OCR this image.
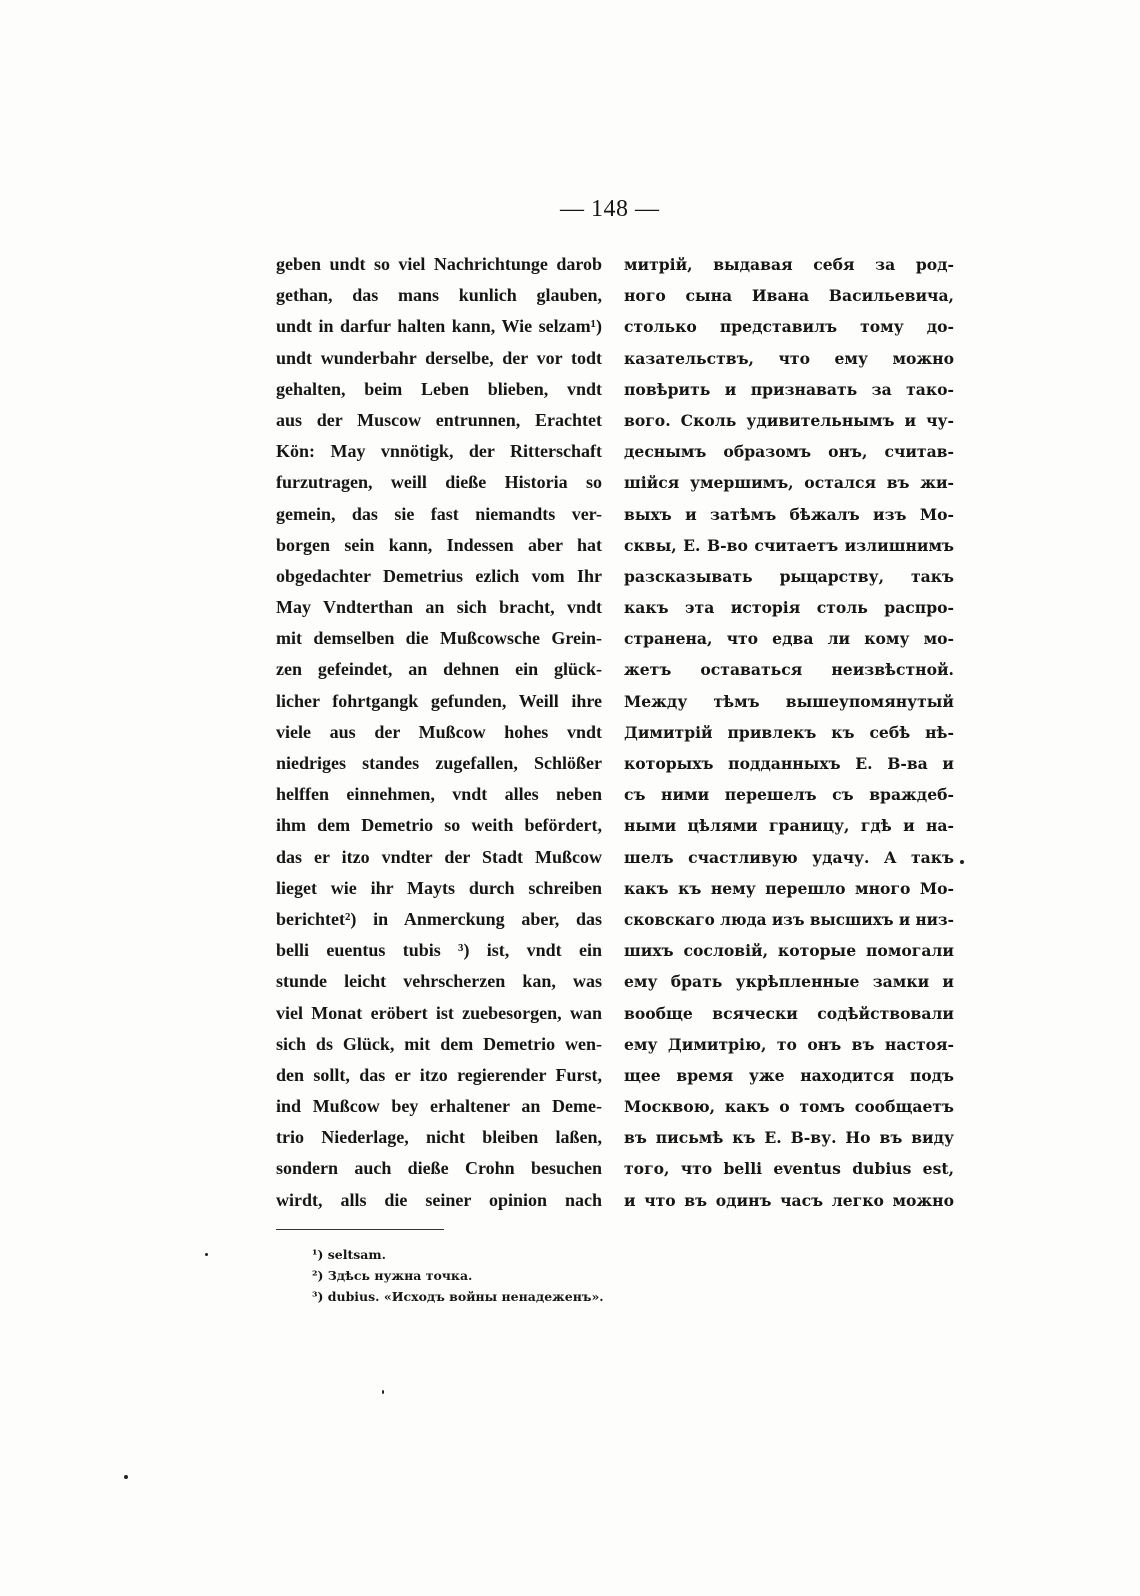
— 148 —
geben undt so viel Nachrichtunge darob
gethan, das mans kunlich glauben,
undt in darfur halten kann, Wie selzam¹)
undt wunderbahr derselbe, der vor todt
gehalten, beim Leben blieben, vndt
aus der Muscow entrunnen, Erachtet
Kön: May vnnötigk, der Ritterschaft
furzutragen, weill dieße Historia so
gemein, das sie fast niemandts ver-
borgen sein kann, Indessen aber hat
obgedachter Demetrius ezlich vom Ihr
May Vndterthan an sich bracht, vndt
mit demselben die Mußcowsche Grein-
zen gefeindet, an dehnen ein glück-
licher fohrtgangk gefunden, Weill ihre
viele aus der Mußcow hohes vndt
niedriges standes zugefallen, Schlößer
helffen einnehmen, vndt alles neben
ihm dem Demetrio so weith befördert,
das er itzo vndter der Stadt Mußcow
lieget wie ihr Mayts durch schreiben
berichtet²) in Anmerckung aber, das
belli euentus tubis ³) ist, vndt ein
stunde leicht vehrscherzen kan, was
viel Monat eröbert ist zuebesorgen, wan
sich ds Glück, mit dem Demetrio wen-
den sollt, das er itzo regierender Furst,
ind Mußcow bey erhaltener an Deme-
trio Niederlage, nicht bleiben laßen,
sondern auch dieße Crohn besuchen
wirdt, alls die seiner opinion nach
митрій, выдавая себя за род-
ного сына Ивана Васильевича,
столько представилъ тому до-
казательствъ, что ему можно
повѣрить и признавать за тако-
вого. Сколь удивительнымъ и чу-
деснымъ образомъ онъ, считав-
шійся умершимъ, остался въ жи-
выхъ и затѣмъ бѣжалъ изъ Мо-
сквы, Е. В-во считаетъ излишнимъ
разсказывать рыцарству, такъ
какъ эта исторія столь распро-
странена, что едва ли кому мо-
жетъ оставаться неизвѣстной.
Между тѣмъ вышеупомянутый
Димитрій привлекъ къ себѣ нѣ-
которыхъ подданныхъ Е. В-ва и
съ ними перешелъ съ враждеб-
ными цѣлями границу, гдѣ и на-
шелъ счастливую удачу. А такъ
какъ къ нему перешло много Мо-
сковскаго люда изъ высшихъ и низ-
шихъ сословій, которые помогали
ему брать укрѣпленные замки и
вообще всячески содѣйствовали
ему Димитрію, то онъ въ настоя-
щее время уже находится подъ
Москвою, какъ о томъ сообщаетъ
въ письмѣ къ Е. В-ву. Но въ виду
того, что belli eventus dubius est,
и что въ одинъ часъ легко можно
¹) seltsam.
²) Здѣсь нужна точка.
³) dubius. «Исходъ войны ненадеженъ».
